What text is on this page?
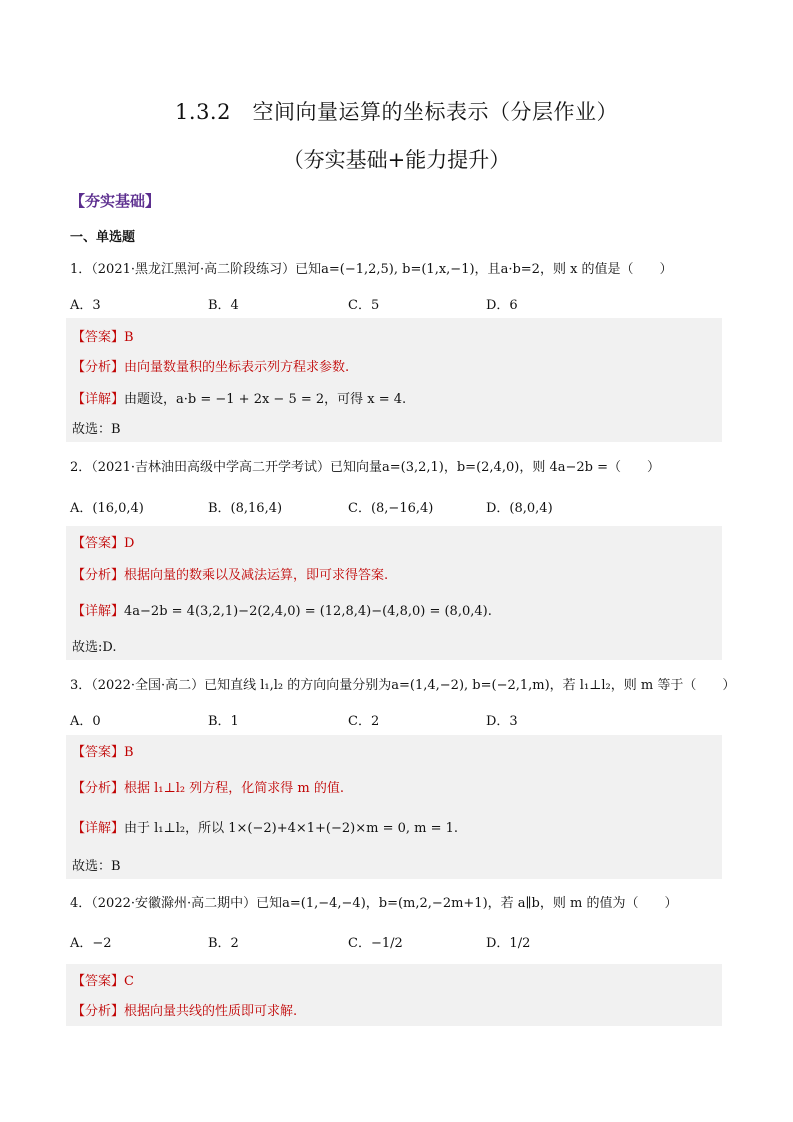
1.3.2　空间向量运算的坐标表示（分层作业）
（夯实基础+能力提升）
【夯实基础】
一、单选题
1．（2021·黑龙江黑河·高二阶段练习）已知a=(−1,2,5), b=(1,x,−1)，且a·b=2，则 x 的值是（　　）
A．3	B．4	C．5	D．6
【答案】B
【分析】由向量数量积的坐标表示列方程求参数.
【详解】由题设，a·b = −1 + 2x − 5 = 2，可得 x = 4.
故选：B
2．（2021·吉林油田高级中学高二开学考试）已知向量a=(3,2,1)，b=(2,4,0)，则 4a−2b =（　　）
A．(16,0,4)	B．(8,16,4)	C．(8,−16,4)	D．(8,0,4)
【答案】D
【分析】根据向量的数乘以及减法运算，即可求得答案.
【详解】4a−2b = 4(3,2,1)−2(2,4,0) = (12,8,4)−(4,8,0) = (8,0,4).
故选:D.
3．（2022·全国·高二）已知直线 l₁,l₂ 的方向向量分别为a=(1,4,−2), b=(−2,1,m)，若 l₁⊥l₂，则 m 等于（　　）
A．0	B．1	C．2	D．3
【答案】B
【分析】根据 l₁⊥l₂ 列方程，化简求得 m 的值.
【详解】由于 l₁⊥l₂，所以 1×(−2)+4×1+(−2)×m = 0, m = 1.
故选：B
4．（2022·安徽滁州·高二期中）已知a=(1,−4,−4)，b=(m,2,−2m+1)，若 a∥b，则 m 的值为（　　）
A．−2	B．2	C．−1/2	D．1/2
【答案】C
【分析】根据向量共线的性质即可求解.
